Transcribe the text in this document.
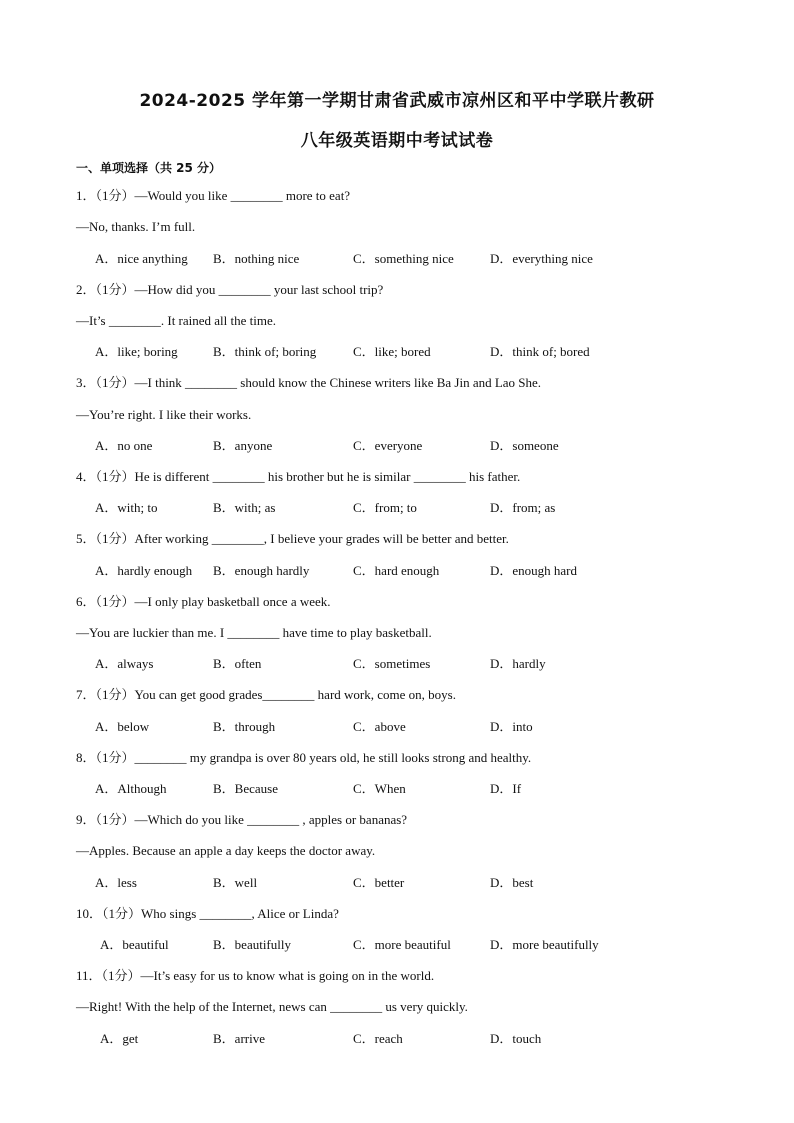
2024-2025 学年第一学期甘肃省武威市凉州区和平中学联片教研
八年级英语期中考试试卷
一、单项选择（共 25 分）
1．（1分）—Would you like ________ more to eat?
—No, thanks. I’m full.

A．nice anything

B．nothing nice

	C．something nice

	D．everything nice

2．（1分）—How did you ________ your last school trip?
—It’s ________. It rained all the time.

A．like; boring

	B．think of; boring

	C．like; bored

	D．think of; bored

3．（1分）—I think ________ should know the Chinese writers like Ba Jin and Lao She.
—You’re right. I like their works.

A．no one

	B．anyone

	C．everyone

	D．someone

4．（1分）He is different ________ his brother but he is similar ________ his father.

A．with; to

	B．with; as

	C．from; to

	D．from; as

5．（1分）After working ________, I believe your grades will be better and better.

A．hardly enough

B．enough hardly

	C．hard enough

	D．enough hard

6．（1分）—I only play basketball once a week.
—You are luckier than me. I ________ have time to play basketball.

A．always

	B．often

	C．sometimes

	D．hardly

7．（1分）You can get good grades________ hard work, come on, boys.

A．below

	B．through

	C．above

	D．into

8．（1分）________ my grandpa is over 80 years old, he still looks strong and healthy.

A．Although

	B．Because

	C．When

	D．If

9．（1分）—Which do you like ________ , apples or bananas?
—Apples. Because an apple a day keeps the doctor away.

A．less

	B．well

	C．better

	D．best

10．（1分）Who sings ________, Alice or Linda?

A．beautiful

	B．beautifully

	C．more beautiful

	D．more beautifully

11．（1分）—It’s easy for us to know what is going on in the world.
—Right! With the help of the Internet, news can ________ us very quickly.

A．get

	B．arrive

	C．reach

	D．touch
